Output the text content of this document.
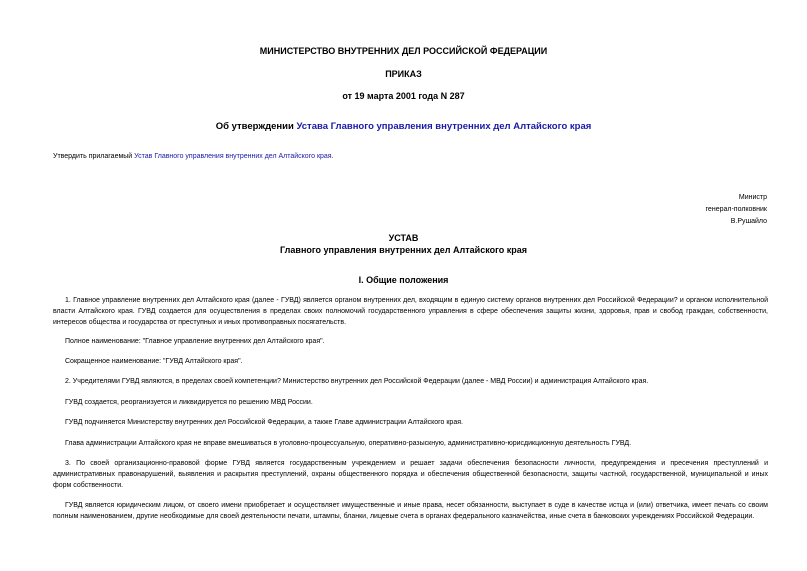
МИНИСТЕРСТВО ВНУТРЕННИХ ДЕЛ РОССИЙСКОЙ ФЕДЕРАЦИИ
ПРИКАЗ
от 19 марта 2001 года N 287
Об утверждении Устава Главного управления внутренних дел Алтайского края
Утвердить прилагаемый Устав Главного управления внутренних дел Алтайского края.
Министр
генерал-полковник
В.Рушайло
УСТАВ
Главного управления внутренних дел Алтайского края
I. Общие положения
1. Главное управление внутренних дел Алтайского края (далее - ГУВД) является органом внутренних дел, входящим в единую систему органов внутренних дел Российской Федерации? и органом исполнительной власти Алтайского края. ГУВД создается для осуществления в пределах своих полномочий государственного управления в сфере обеспечения защиты жизни, здоровья, прав и свобод граждан, собственности, интересов общества и государства от преступных и иных противоправных посягательств.
Полное наименование: "Главное управление внутренних дел Алтайского края".
Сокращенное наименование: "ГУВД Алтайского края".
2. Учредителями ГУВД являются, в пределах своей компетенции? Министерство внутренних дел Российской Федерации (далее - МВД России) и администрация Алтайского края.
ГУВД создается, реорганизуется и ликвидируется по решению МВД России.
ГУВД подчиняется Министерству внутренних дел Российской Федерации, а также Главе администрации Алтайского края.
Глава администрации Алтайского края не вправе вмешиваться в уголовно-процессуальную, оперативно-разыскную, административно-юрисдикционную деятельность ГУВД.
3. По своей организационно-правовой форме ГУВД является государственным учреждением и решает задачи обеспечения безопасности личности, предупреждения и пресечения преступлений и административных правонарушений, выявления и раскрытия преступлений, охраны общественного порядка и обеспечения общественной безопасности, защиты частной, государственной, муниципальной и иных форм собственности.
ГУВД является юридическим лицом, от своего имени приобретает и осуществляет имущественные и иные права, несет обязанности, выступает в суде в качестве истца и (или) ответчика, имеет печать со своим полным наименованием, другие необходимые для своей деятельности печати, штампы, бланки, лицевые счета в органах федерального казначейства, иные счета в банковских учреждениях Российской Федерации.
